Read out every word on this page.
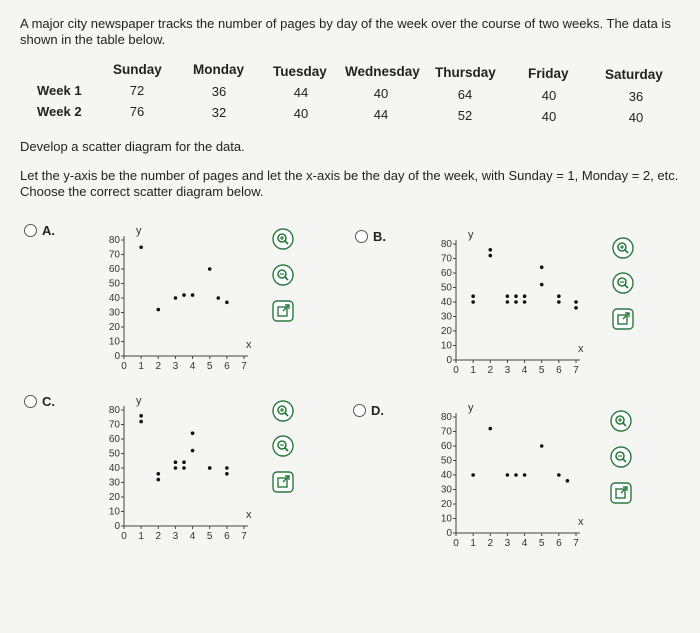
A major city newspaper tracks the number of pages by day of the week over the course of two weeks. The data is shown in the table below.
Sunday Monday Tuesday Wednesday Thursday Friday	Saturday
Week 1	72	36	44	40	64	40	36
Week 2	76	32	40	44	52	40	40
Develop a scatter diagram for the data.
Let the y-axis be the number of pages and let the x-axis be the day of the week, with Sunday = 1, Monday = 2, etc. Choose the correct scatter diagram below.
A.	B.
C.
D.
80
70
60
50
40
30
20
10
0
0 1 2 3 4 5 6 7
y
x
80
70
60
50
40
30
20
10
0
0 1 2 3 4 5 6 7
y
x
80
70
60
50
40
30
20
10
0
0 1 2 3 4 5 6 7
y
x
80
70
60
50
40
30
20
10
0
0 1 2 3 4 5 6 7
y
x
